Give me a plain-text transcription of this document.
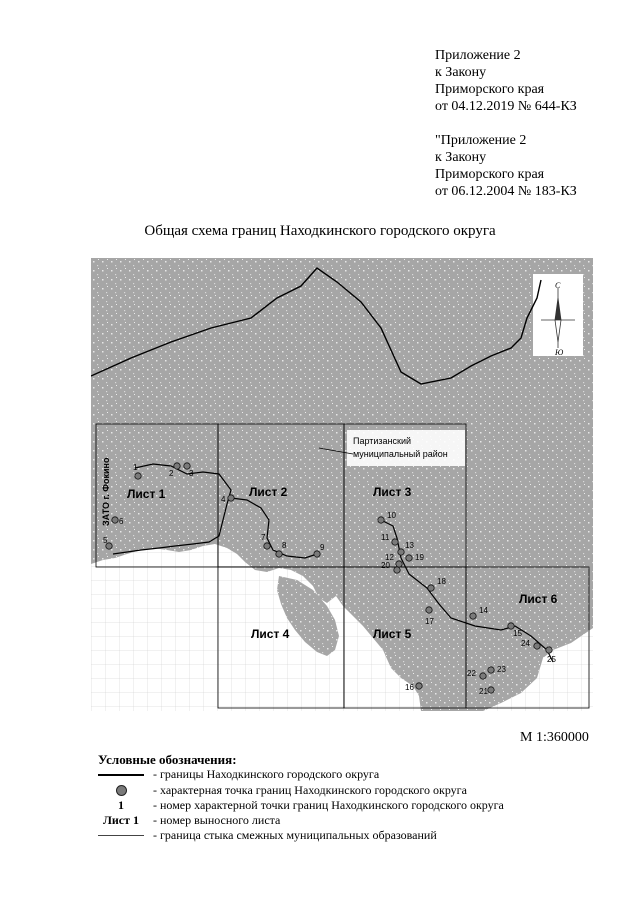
Приложение 2
к Закону
Приморского края
от 04.12.2019 № 644-КЗ
"Приложение 2
к Закону
Приморского края
от 06.12.2004 № 183-КЗ
Общая схема границ Находкинского городского округа
С
Ю
Партизанский
муниципальный район
Лист 1	Лист 2	Лист 3
Лист 4	Лист 5
Лист 6
ЗАТО г. Фокино	1
2 3
4
5
6
7
8	9
10
11
12
13
14
15
16
17
18
19
20
21
22	23
24
25
М 1:360000
Условные обозначения:
- границы Находкинского городского округа
- характерная точка границ Находкинского городского округа
1	- номер характерной точки границ Находкинского городского округа
Лист 1	- номер выносного листа
- граница стыка смежных муниципальных образований
